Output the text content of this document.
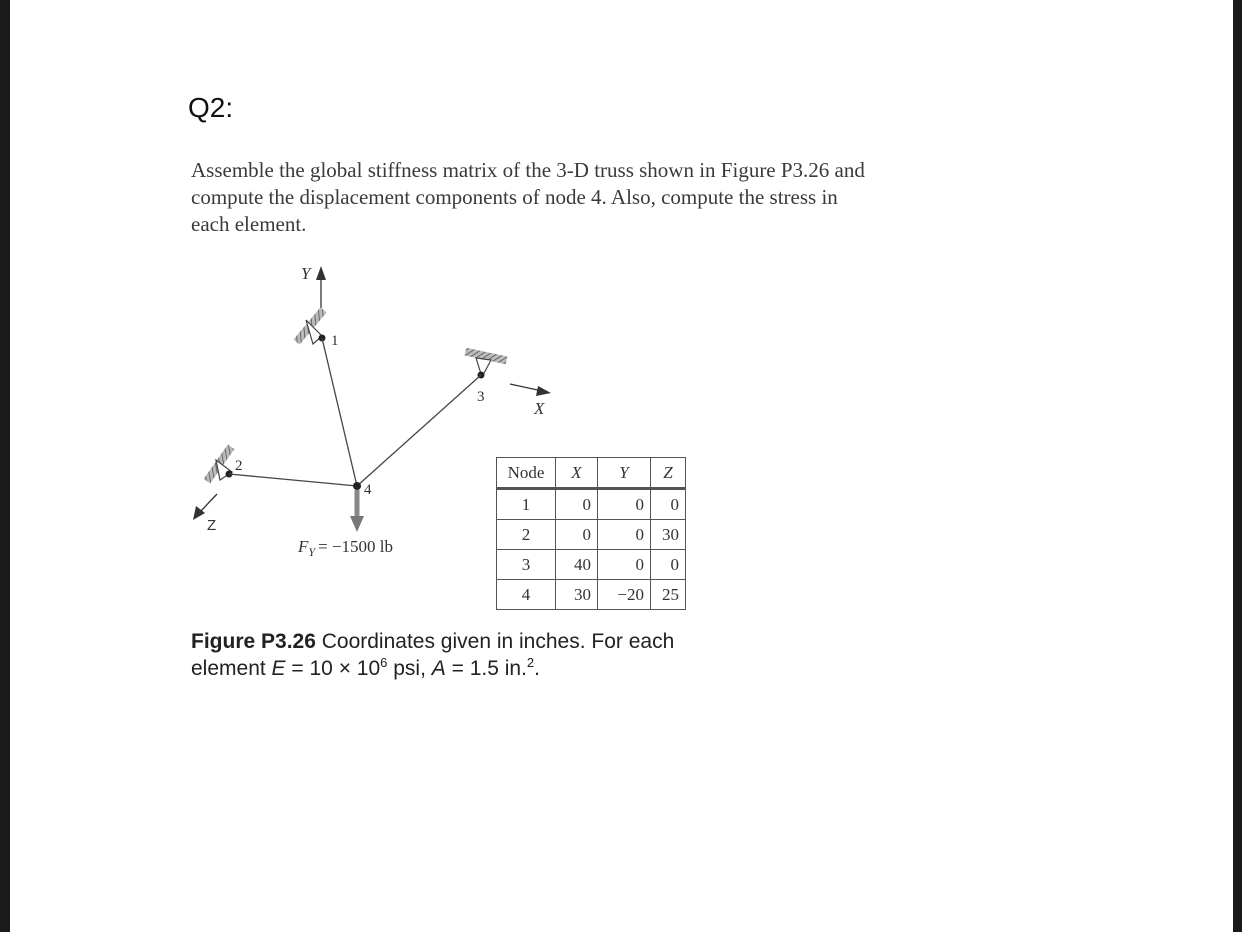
Q2:
Assemble the global stiffness matrix of the 3-D truss shown in Figure P3.26 and
compute the displacement components of node 4. Also, compute the stress in
each element.
Y
1
2
3
4
$F_Y = -1500$ lb
X
Z
Node	X	Y	Z
1	0	0	0
2	0	0	30
3	40	0	0
4	30	−20	25
Figure P3.26 Coordinates given in inches. For each
element $E = 10 \times 10^6$ psi, A = 1.5 in.$^2$.
